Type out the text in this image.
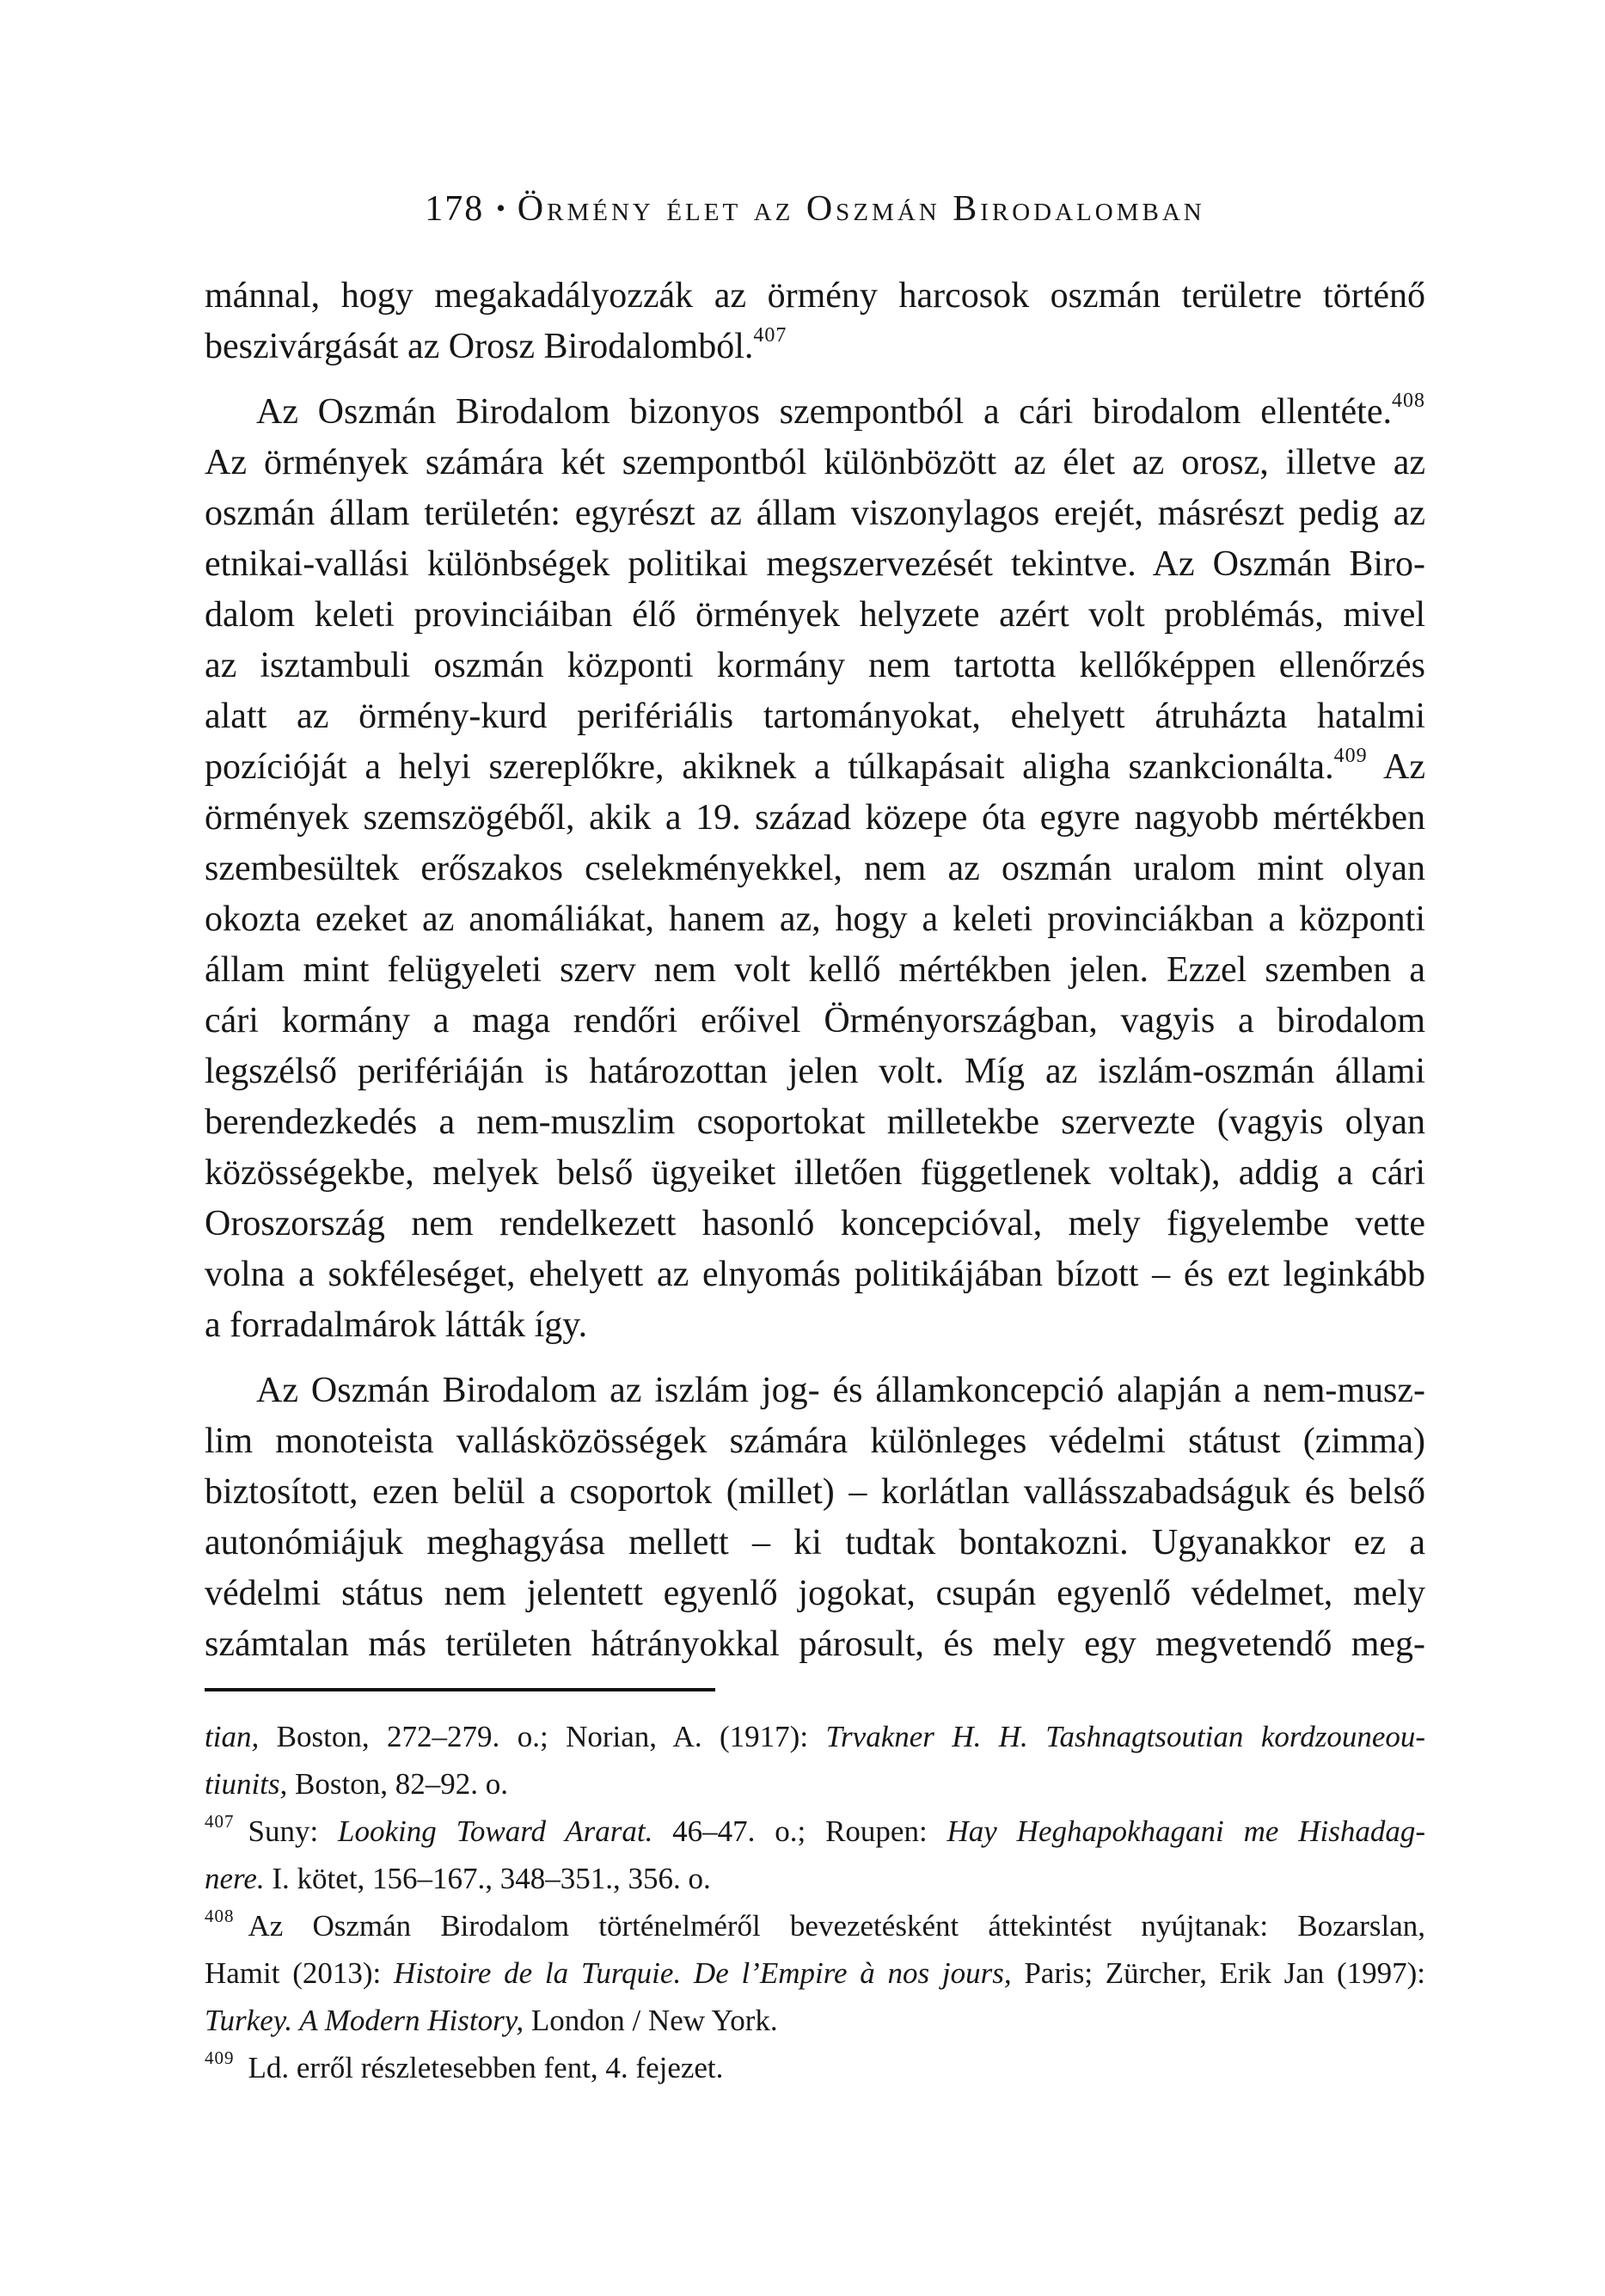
178 • Örmény élet az Oszmán Birodalomban
mánnal, hogy megakadályozzák az örmény harcosok oszmán területre történő
beszivárgását az Orosz Birodalomból.$^{407}$
Az Oszmán Birodalom bizonyos szempontból a cári birodalom ellentéte.$^{408}$
Az örmények számára két szempontból különbözött az élet az orosz, illetve az
oszmán állam területén: egyrészt az állam viszonylagos erejét, másrészt pedig az
etnikai-vallási különbségek politikai megszervezését tekintve. Az Oszmán Biro-
dalom keleti provinciáiban élő örmények helyzete azért volt problémás, mivel
az isztambuli oszmán központi kormány nem tartotta kellőképpen ellenőrzés
alatt az örmény-kurd perifériális tartományokat, ehelyett átruházta hatalmi
pozícióját a helyi szereplőkre, akiknek a túlkapásait aligha szankcionálta.$^{409}$ Az
örmények szemszögéből, akik a 19. század közepe óta egyre nagyobb mértékben
szembesültek erőszakos cselekményekkel, nem az oszmán uralom mint olyan
okozta ezeket az anomáliákat, hanem az, hogy a keleti provinciákban a központi
állam mint felügyeleti szerv nem volt kellő mértékben jelen. Ezzel szemben a
cári kormány a maga rendőri erőivel Örményországban, vagyis a birodalom
legszélső perifériáján is határozottan jelen volt. Míg az iszlám-oszmán állami
berendezkedés a nem-muszlim csoportokat milletekbe szervezte (vagyis olyan
közösségekbe, melyek belső ügyeiket illetően függetlenek voltak), addig a cári
Oroszország nem rendelkezett hasonló koncepcióval, mely figyelembe vette
volna a sokféleséget, ehelyett az elnyomás politikájában bízott – és ezt leginkább
a forradalmárok látták így.
Az Oszmán Birodalom az iszlám jog- és államkoncepció alapján a nem-musz-
lim monoteista vallásközösségek számára különleges védelmi státust (zimma)
biztosított, ezen belül a csoportok (millet) – korlátlan vallásszabadságuk és belső
autonómiájuk meghagyása mellett – ki tudtak bontakozni. Ugyanakkor ez a
védelmi státus nem jelentett egyenlő jogokat, csupán egyenlő védelmet, mely
számtalan más területen hátrányokkal párosult, és mely egy megvetendő meg-
tian, Boston, 272–279. o.; Norian, A. (1917): Trvakner H. H. Tashnagtsoutian kordzouneou-
tiunits, Boston, 82–92. o.
$^{407}$ Suny: Looking Toward Ararat. 46–47. o.; Roupen: Hay Heghapokhagani me Hishadag-
nere. I. kötet, 156–167., 348–351., 356. o.
$^{408}$ Az Oszmán Birodalom történelméről bevezetésként áttekintést nyújtanak: Bozarslan,
Hamit (2013): Histoire de la Turquie. De l’Empire à nos jours, Paris; Zürcher, Erik Jan (1997):
Turkey. A Modern History, London / New York.
$^{409}$ Ld. erről részletesebben fent, 4. fejezet.
